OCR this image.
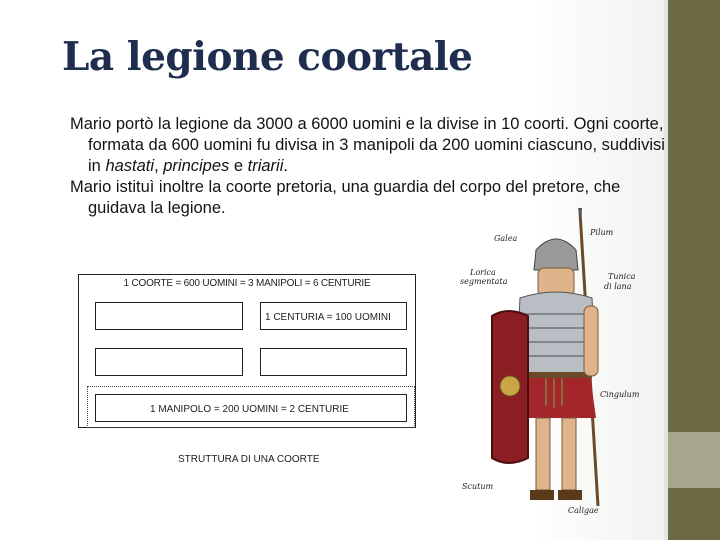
La legione coortale

Mario portò la legione da 3000 a 6000 uomini e la divise in 10 coorti. Ogni coorte, formata da 600 uomini fu divisa in 3 manipoli da 200 uomini ciascuno, suddivisi in hastati, principes e triarii.

Mario istituì inoltre la coorte pretoria, una guardia del corpo del pretore, che guidava la legione.

1 COORTE = 600 UOMINI = 3 MANIPOLI = 6 CENTURIE
1 CENTURIA = 100 UOMINI
1 MANIPOLO = 200 UOMINI = 2 CENTURIE
STRUTTURA DI UNA COORTE
Galea
Pilum
Lorica
segmentata
Tunica
di lana
Cingulum
Scutum
Caligae
